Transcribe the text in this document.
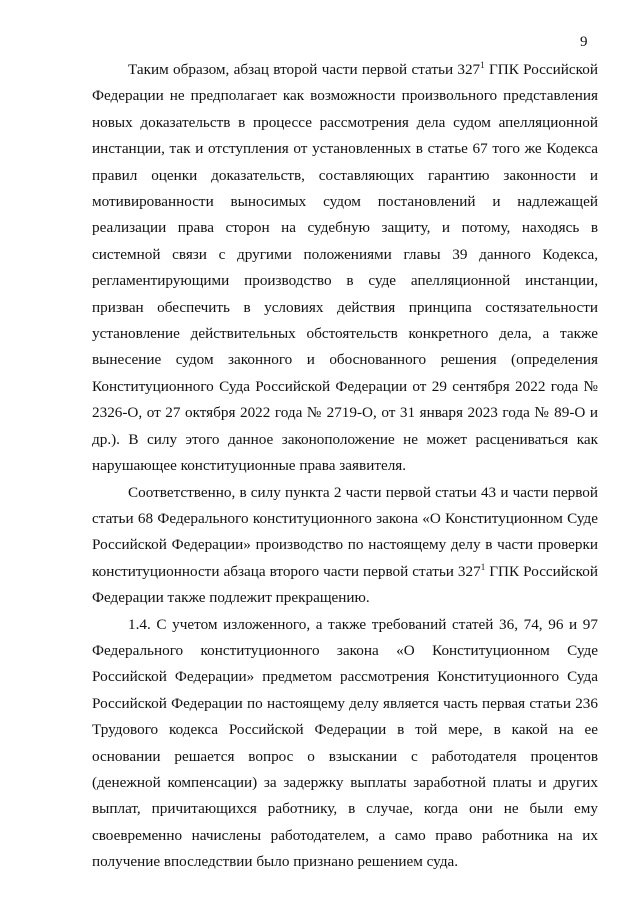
9

Таким образом, абзац второй части первой статьи $327^1$ ГПК Российской Федерации не предполагает как возможности произвольного представления новых доказательств в процессе рассмотрения дела судом апелляционной инстанции, так и отступления от установленных в статье 67 того же Кодекса правил оценки доказательств, составляющих гарантию законности и мотивированности выносимых судом постановлений и надлежащей реализации права сторон на судебную защиту, и потому, находясь в системной связи с другими положениями главы 39 данного Кодекса, регламентирующими производство в суде апелляционной инстанции, призван обеспечить в условиях действия принципа состязательности установление действительных обстоятельств конкретного дела, а также вынесение судом законного и обоснованного решения (определения Конституционного Суда Российской Федерации от 29 сентября 2022 года № 2326-О, от 27 октября 2022 года № 2719-О, от 31 января 2023 года № 89-О и др.). В силу этого данное законоположение не может расцениваться как нарушающее конституционные права заявителя.

Соответственно, в силу пункта 2 части первой статьи 43 и части первой статьи 68 Федерального конституционного закона «О Конституционном Суде Российской Федерации» производство по настоящему делу в части проверки конституционности абзаца второго части первой статьи $327^1$ ГПК Российской Федерации также подлежит прекращению.

1.4. С учетом изложенного, а также требований статей 36, 74, 96 и 97 Федерального конституционного закона «О Конституционном Суде Российской Федерации» предметом рассмотрения Конституционного Суда Российской Федерации по настоящему делу является часть первая статьи 236 Трудового кодекса Российской Федерации в той мере, в какой на ее основании решается вопрос о взыскании с работодателя процентов (денежной компенсации) за задержку выплаты заработной платы и других выплат, причитающихся работнику, в случае, когда они не были ему своевременно начислены работодателем, а само право работника на их получение впоследствии было признано решением суда.
